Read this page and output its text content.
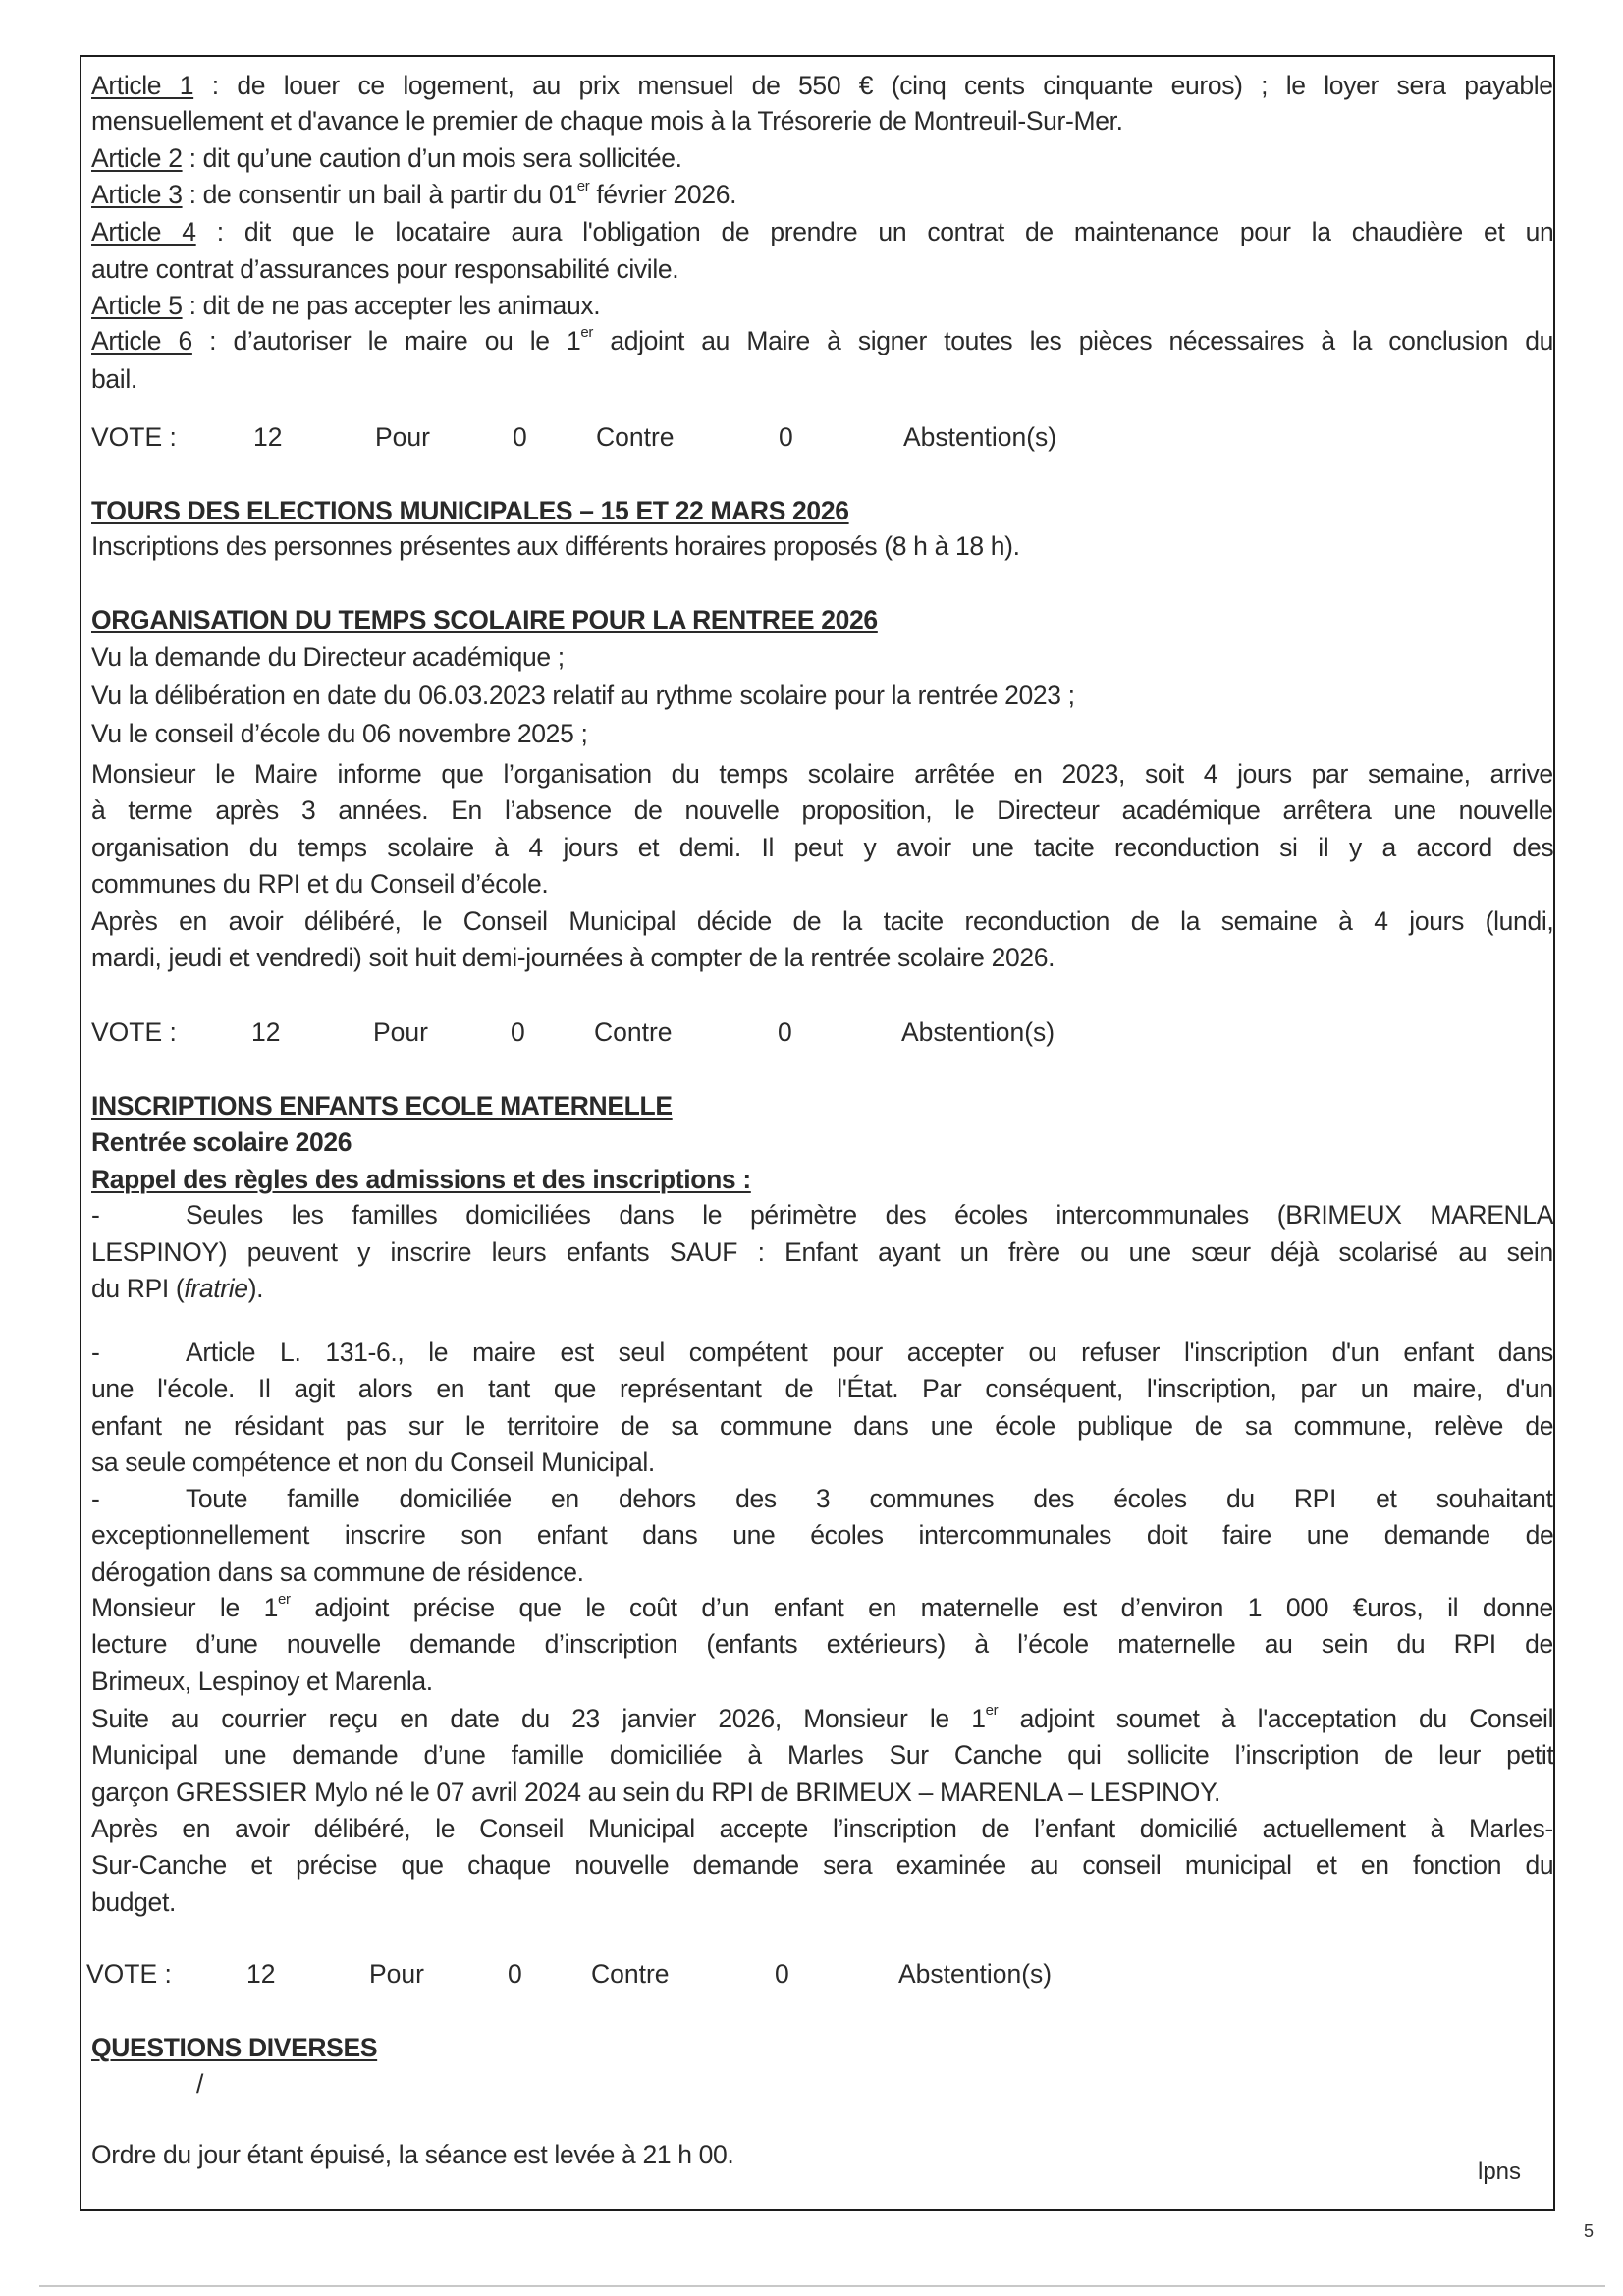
Article 1 : de louer ce logement, au prix mensuel de 550 € (cinq cents cinquante euros) ; le loyer sera payable
mensuellement et d'avance le premier de chaque mois à la Trésorerie de Montreuil-Sur-Mer.
Article 2 : dit qu’une caution d’un mois sera sollicitée.
Article 3 : de consentir un bail à partir du 01er février 2026.
Article 4 : dit que le locataire aura l'obligation de prendre un contrat de maintenance pour la chaudière et un
autre contrat d’assurances pour responsabilité civile.
Article 5 : dit de ne pas accepter les animaux.
Article 6 : d’autoriser le maire ou le 1er adjoint au Maire à signer toutes les pièces nécessaires à la conclusion du
bail.
VOTE :	12	Pour	0	Contre	0	Abstention(s)
TOURS DES ELECTIONS MUNICIPALES – 15 ET 22 MARS 2026
Inscriptions des personnes présentes aux différents horaires proposés (8 h à 18 h).
ORGANISATION DU TEMPS SCOLAIRE POUR LA RENTREE 2026
Vu la demande du Directeur académique ;
Vu la délibération en date du 06.03.2023 relatif au rythme scolaire pour la rentrée 2023 ;
Vu le conseil d’école du 06 novembre 2025 ;
Monsieur le Maire informe que l’organisation du temps scolaire arrêtée en 2023, soit 4 jours par semaine, arrive
à terme après 3 années. En l’absence de nouvelle proposition, le Directeur académique arrêtera une nouvelle
organisation du temps scolaire à 4 jours et demi. Il peut y avoir une tacite reconduction si il y a accord des
communes du RPI et du Conseil d’école.
Après en avoir délibéré, le Conseil Municipal décide de la tacite reconduction de la semaine à 4 jours (lundi,
mardi, jeudi et vendredi) soit huit demi-journées à compter de la rentrée scolaire 2026.
VOTE :	12	Pour	0	Contre	0	Abstention(s)
INSCRIPTIONS ENFANTS ECOLE MATERNELLE
Rentrée scolaire 2026
Rappel des règles des admissions et des inscriptions :
-	Seules les familles domiciliées dans le périmètre des écoles intercommunales (BRIMEUX MARENLA
LESPINOY) peuvent y inscrire leurs enfants SAUF : Enfant ayant un frère ou une sœur déjà scolarisé au sein
du RPI (fratrie).
-	Article L. 131-6., le maire est seul compétent pour accepter ou refuser l'inscription d'un enfant dans
une l'école. Il agit alors en tant que représentant de l'État. Par conséquent, l'inscription, par un maire, d'un
enfant ne résidant pas sur le territoire de sa commune dans une école publique de sa commune, relève de
sa seule compétence et non du Conseil Municipal.
-	Toute famille domiciliée en dehors des 3 communes des écoles du RPI et souhaitant
exceptionnellement inscrire son enfant dans une écoles intercommunales doit faire une demande de
dérogation dans sa commune de résidence.
Monsieur le 1er adjoint précise que le coût d’un enfant en maternelle est d’environ 1 000 €uros, il donne
lecture d’une nouvelle demande d’inscription (enfants extérieurs) à l’école maternelle au sein du RPI de
Brimeux, Lespinoy et Marenla.
Suite au courrier reçu en date du 23 janvier 2026, Monsieur le 1er adjoint soumet à l'acceptation du Conseil
Municipal une demande d’une famille domiciliée à Marles Sur Canche qui sollicite l’inscription de leur petit
garçon GRESSIER Mylo né le 07 avril 2024 au sein du RPI de BRIMEUX – MARENLA – LESPINOY.
Après en avoir délibéré, le Conseil Municipal accepte l’inscription de l’enfant domicilié actuellement à Marles-
Sur-Canche et précise que chaque nouvelle demande sera examinée au conseil municipal et en fonction du
budget.
VOTE :	12	Pour	0	Contre	0	Abstention(s)
QUESTIONS DIVERSES
/
Ordre du jour étant épuisé, la séance est levée à 21 h 00.
lpns
5
